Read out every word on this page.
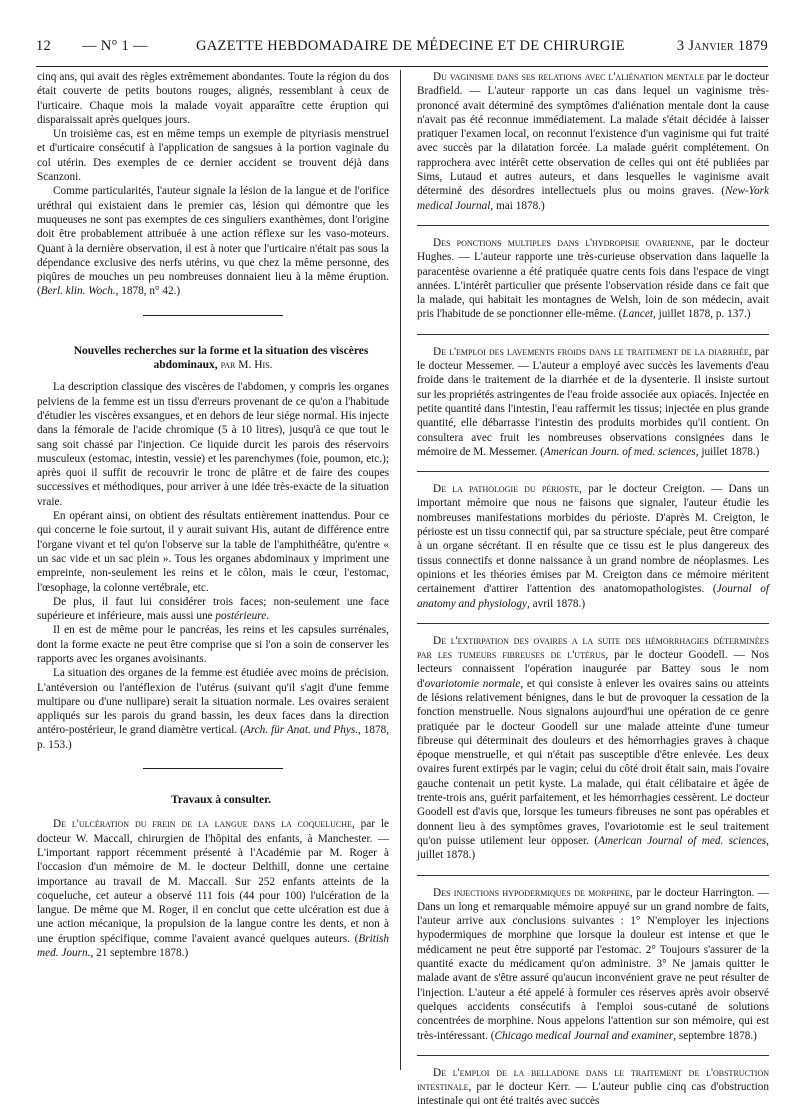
12 — N° 1 —	GAZETTE HEBDOMADAIRE DE MÉDECINE ET DE CHIRURGIE	3 Janvier 1879

cinq ans, qui avait des règles extrêmement abondantes. Toute la région du dos était couverte de petits boutons rouges, alignés, ressemblant à ceux de l'urticaire. Chaque mois la malade voyait apparaître cette éruption qui disparaissait après quelques jours.

Un troisième cas, est en même temps un exemple de pityriasis menstruel et d'urticaire consécutif à l'application de sangsues à la portion vaginale du col utérin. Des exemples de ce dernier accident se trouvent déjà dans Scanzoni.

Comme particularités, l'auteur signale la lésion de la langue et de l'orifice uréthral qui existaient dans le premier cas, lésion qui démontre que les muqueuses ne sont pas exemptes de ces singuliers exanthèmes, dont l'origine doit être probablement attribuée à une action réflexe sur les vaso-moteurs. Quant à la dernière observation, il est à noter que l'urticaire n'était pas sous la dépendance exclusive des nerfs utérins, vu que chez la même personne, des piqûres de mouches un peu nombreuses donnaient lieu à la même éruption. (Berl. klin. Woch., 1878, n° 42.)

Nouvelles recherches sur la forme et la situation des viscères abdominaux, par M. His.

La description classique des viscères de l'abdomen, y compris les organes pelviens de la femme est un tissu d'erreurs provenant de ce qu'on a l'habitude d'étudier les viscères exsangues, et en dehors de leur siége normal. His injecte dans la fémorale de l'acide chromique (5 à 10 litres), jusqu'à ce que tout le sang soit chassé par l'injection. Ce liquide durcit les parois des réservoirs musculeux (estomac, intestin, vessie) et les parenchymes (foie, poumon, etc.); après quoi il suffit de recouvrir le tronc de plâtre et de faire des coupes successives et méthodiques, pour arriver à une idée très-exacte de la situation vraie.

En opérant ainsi, on obtient des résultats entièrement inattendus. Pour ce qui concerne le foie surtout, il y aurait suivant His, autant de différence entre l'organe vivant et tel qu'on l'observe sur la table de l'amphithéâtre, qu'entre « un sac vide et un sac plein ». Tous les organes abdominaux y impriment une empreinte, non-seulement les reins et le côlon, mais le cœur, l'estomac, l'œsophage, la colonne vertébrale, etc.

De plus, il faut lui considérer trois faces; non-seulement une face supérieure et inférieure, mais aussi une postérieure.

Il en est de même pour le pancréas, les reins et les capsules surrénales, dont la forme exacte ne peut être comprise que si l'on a soin de conserver les rapports avec les organes avoisinants.

La situation des organes de la femme est étudiée avec moins de précision. L'antéversion ou l'antéflexion de l'utérus (suivant qu'il s'agit d'une femme multipare ou d'une nullipare) serait la situation normale. Les ovaires seraient appliqués sur les parois du grand bassin, les deux faces dans la direction antéro-postérieur, le grand diamètre vertical. (Arch. für Anat. und Phys., 1878, p. 153.)

Travaux à consulter.

De l'ulcération du frein de la langue dans la coqueluche, par le docteur W. Maccall, chirurgien de l'hôpital des enfants, à Manchester. — L'important rapport récemment présenté à l'Académie par M. Roger à l'occasion d'un mémoire de M. le docteur Delthill, donne une certaine importance au travail de M. Maccall. Sur 252 enfants atteints de la coqueluche, cet auteur a observé 111 fois (44 pour 100) l'ulcération de la langue. De même que M. Roger, il en conclut que cette ulcération est due à une action mécanique, la propulsion de la langue contre les dents, et non à une éruption spécifique, comme l'avaient avancé quelques auteurs. (British med. Journ., 21 septembre 1878.)

Du vaginisme dans ses relations avec l'aliénation mentale par le docteur Bradfield. — L'auteur rapporte un cas dans lequel un vaginisme très-prononcé avait déterminé des symptômes d'aliénation mentale dont la cause n'avait pas été reconnue immédiatement. La malade s'était décidée à laisser pratiquer l'examen local, on reconnut l'existence d'un vaginisme qui fut traité avec succès par la dilatation forcée. La malade guérit complétement. On rapprochera avec intérêt cette observation de celles qui ont été publiées par Sims, Lutaud et autres auteurs, et dans lesquelles le vaginisme avait déterminé des désordres intellectuels plus ou moins graves. (New-York medical Journal, mai 1878.)

Des ponctions multiples dans l'hydropisie ovarienne, par le docteur Hughes. — L'auteur rapporte une très-curieuse observation dans laquelle la paracentèse ovarienne a été pratiquée quatre cents fois dans l'espace de vingt années. L'intérêt particulier que présente l'observation réside dans ce fait que la malade, qui habitait les montagnes de Welsh, loin de son médecin, avait pris l'habitude de se ponctionner elle-même. (Lancet, juillet 1878, p. 137.)

De l'emploi des lavements froids dans le traitement de la diarrhée, par le docteur Messemer. — L'auteur a employé avec succès les lavements d'eau froide dans le traitement de la diarrhée et de la dysenterie. Il insiste surtout sur les propriétés astringentes de l'eau froide associée aux opiacés. Injectée en petite quantité dans l'intestin, l'eau raffermit les tissus; injectée en plus grande quantité, elle débarrasse l'intestin des produits morbides qu'il contient. On consultera avec fruit les nombreuses observations consignées dans le mémoire de M. Messemer. (American Journ. of med. sciences, juillet 1878.)

De la pathologie du périoste, par le docteur Creigton. — Dans un important mémoire que nous ne faisons que signaler, l'auteur étudie les nombreuses manifestations morbides du périoste. D'après M. Creigton, le périoste est un tissu connectif qui, par sa structure spéciale, peut être comparé à un organe sécrétant. Il en résulte que ce tissu est le plus dangereux des tissus connectifs et donne naissance à un grand nombre de néoplasmes. Les opinions et les théories émises par M. Creigton dans ce mémoire méritent certainement d'attirer l'attention des anatomopathologistes. (Journal of anatomy and physiology, avril 1878.)

De l'extirpation des ovaires a la suite des hémorrhagies déterminées par les tumeurs fibreuses de l'utérus, par le docteur Goodell. — Nos lecteurs connaissent l'opération inaugurée par Battey sous le nom d'ovariotomie normale, et qui consiste à enlever les ovaires sains ou atteints de lésions relativement bénignes, dans le but de provoquer la cessation de la fonction menstruelle. Nous signalons aujourd'hui une opération de ce genre pratiquée par le docteur Goodell sur une malade atteinte d'une tumeur fibreuse qui déterminait des douleurs et des hémorrhagies graves à chaque époque menstruelle, et qui n'était pas susceptible d'être enlevée. Les deux ovaires furent extirpés par le vagin; celui du côté droit était sain, mais l'ovaire gauche contenait un petit kyste. La malade, qui était célibataire et âgée de trente-trois ans, guérit parfaitement, et les hémorrhagies cessèrent. Le docteur Goodell est d'avis que, lorsque les tumeurs fibreuses ne sont pas opérables et donnent lieu à des symptômes graves, l'ovariotomie est le seul traitement qu'on puisse utilement leur opposer. (American Journal of med. sciences, juillet 1878.)

Des injections hypodermiques de morphine, par le docteur Harrington. — Dans un long et remarquable mémoire appuyé sur un grand nombre de faits, l'auteur arrive aux conclusions suivantes : 1° N'employer les injections hypodermiques de morphine que lorsque la douleur est intense et que le médicament ne peut être supporté par l'estomac. 2° Toujours s'assurer de la quantité exacte du médicament qu'on administre. 3° Ne jamais quitter le malade avant de s'être assuré qu'aucun inconvénient grave ne peut résulter de l'injection. L'auteur a été appelé à formuler ces réserves après avoir observé quelques accidents consécutifs à l'emploi sous-cutané de solutions concentrées de morphine. Nous appelons l'attention sur son mémoire, qui est très-intéressant. (Chicago medical Journal and examiner, septembre 1878.)

De l'emploi de la belladone dans le traitement de l'obstruction intestinale, par le docteur Kerr. — L'auteur publie cinq cas d'obstruction intestinale qui ont été traités avec succès
